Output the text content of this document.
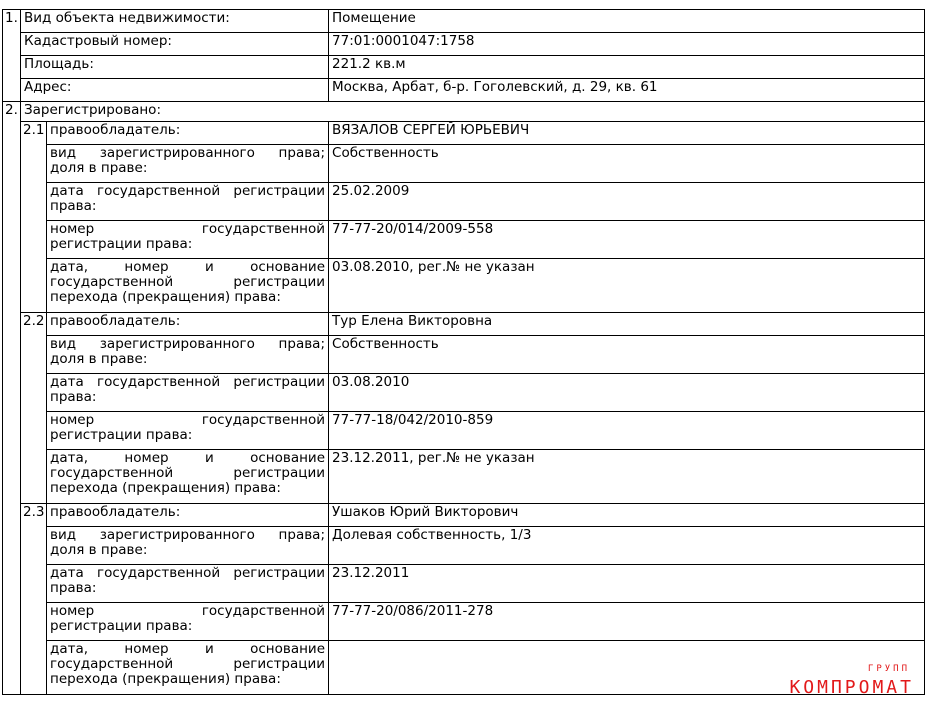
1.	Вид объекта недвижимости:		Помещение
	Кадастровый номер:		77:01:0001047:1758
	Площадь:		221.2 кв.м
	Адрес:		Москва, Арбат, б-р. Гоголевский, д. 29, кв. 61
2.	Зарегистрировано:		
	2.1	правообладатель:	ВЯЗАЛОВ СЕРГЕЙ ЮРЬЕВИЧ

		вид зарегистрированного права;
доля в праве:	Собственность

		дата государственной регистрации
права:	25.02.2009

		номер государственной
регистрации права:	77-77-20/014/2009-558

		дата, номер и основание
государственной регистрации
перехода (прекращения) права:	03.08.2010, рег.№ не указан
	2.2	правообладатель:	Тур Елена Викторовна

		вид зарегистрированного права;
доля в праве:	Собственность

		дата государственной регистрации
права:	03.08.2010

		номер государственной
регистрации права:	77-77-18/042/2010-859

		дата, номер и основание
государственной регистрации
перехода (прекращения) права:	23.12.2011, рег.№ не указан
	2.3	правообладатель:	Ушаков Юрий Викторович

		вид зарегистрированного права;
доля в праве:	Долевая собственность, 1/3

		дата государственной регистрации
права:	23.12.2011

		номер государственной
регистрации права:	77-77-20/086/2011-278

		дата, номер и основание
государственной регистрации
перехода (прекращения) права:	

ГРУПП
КОМПРОМАТ
